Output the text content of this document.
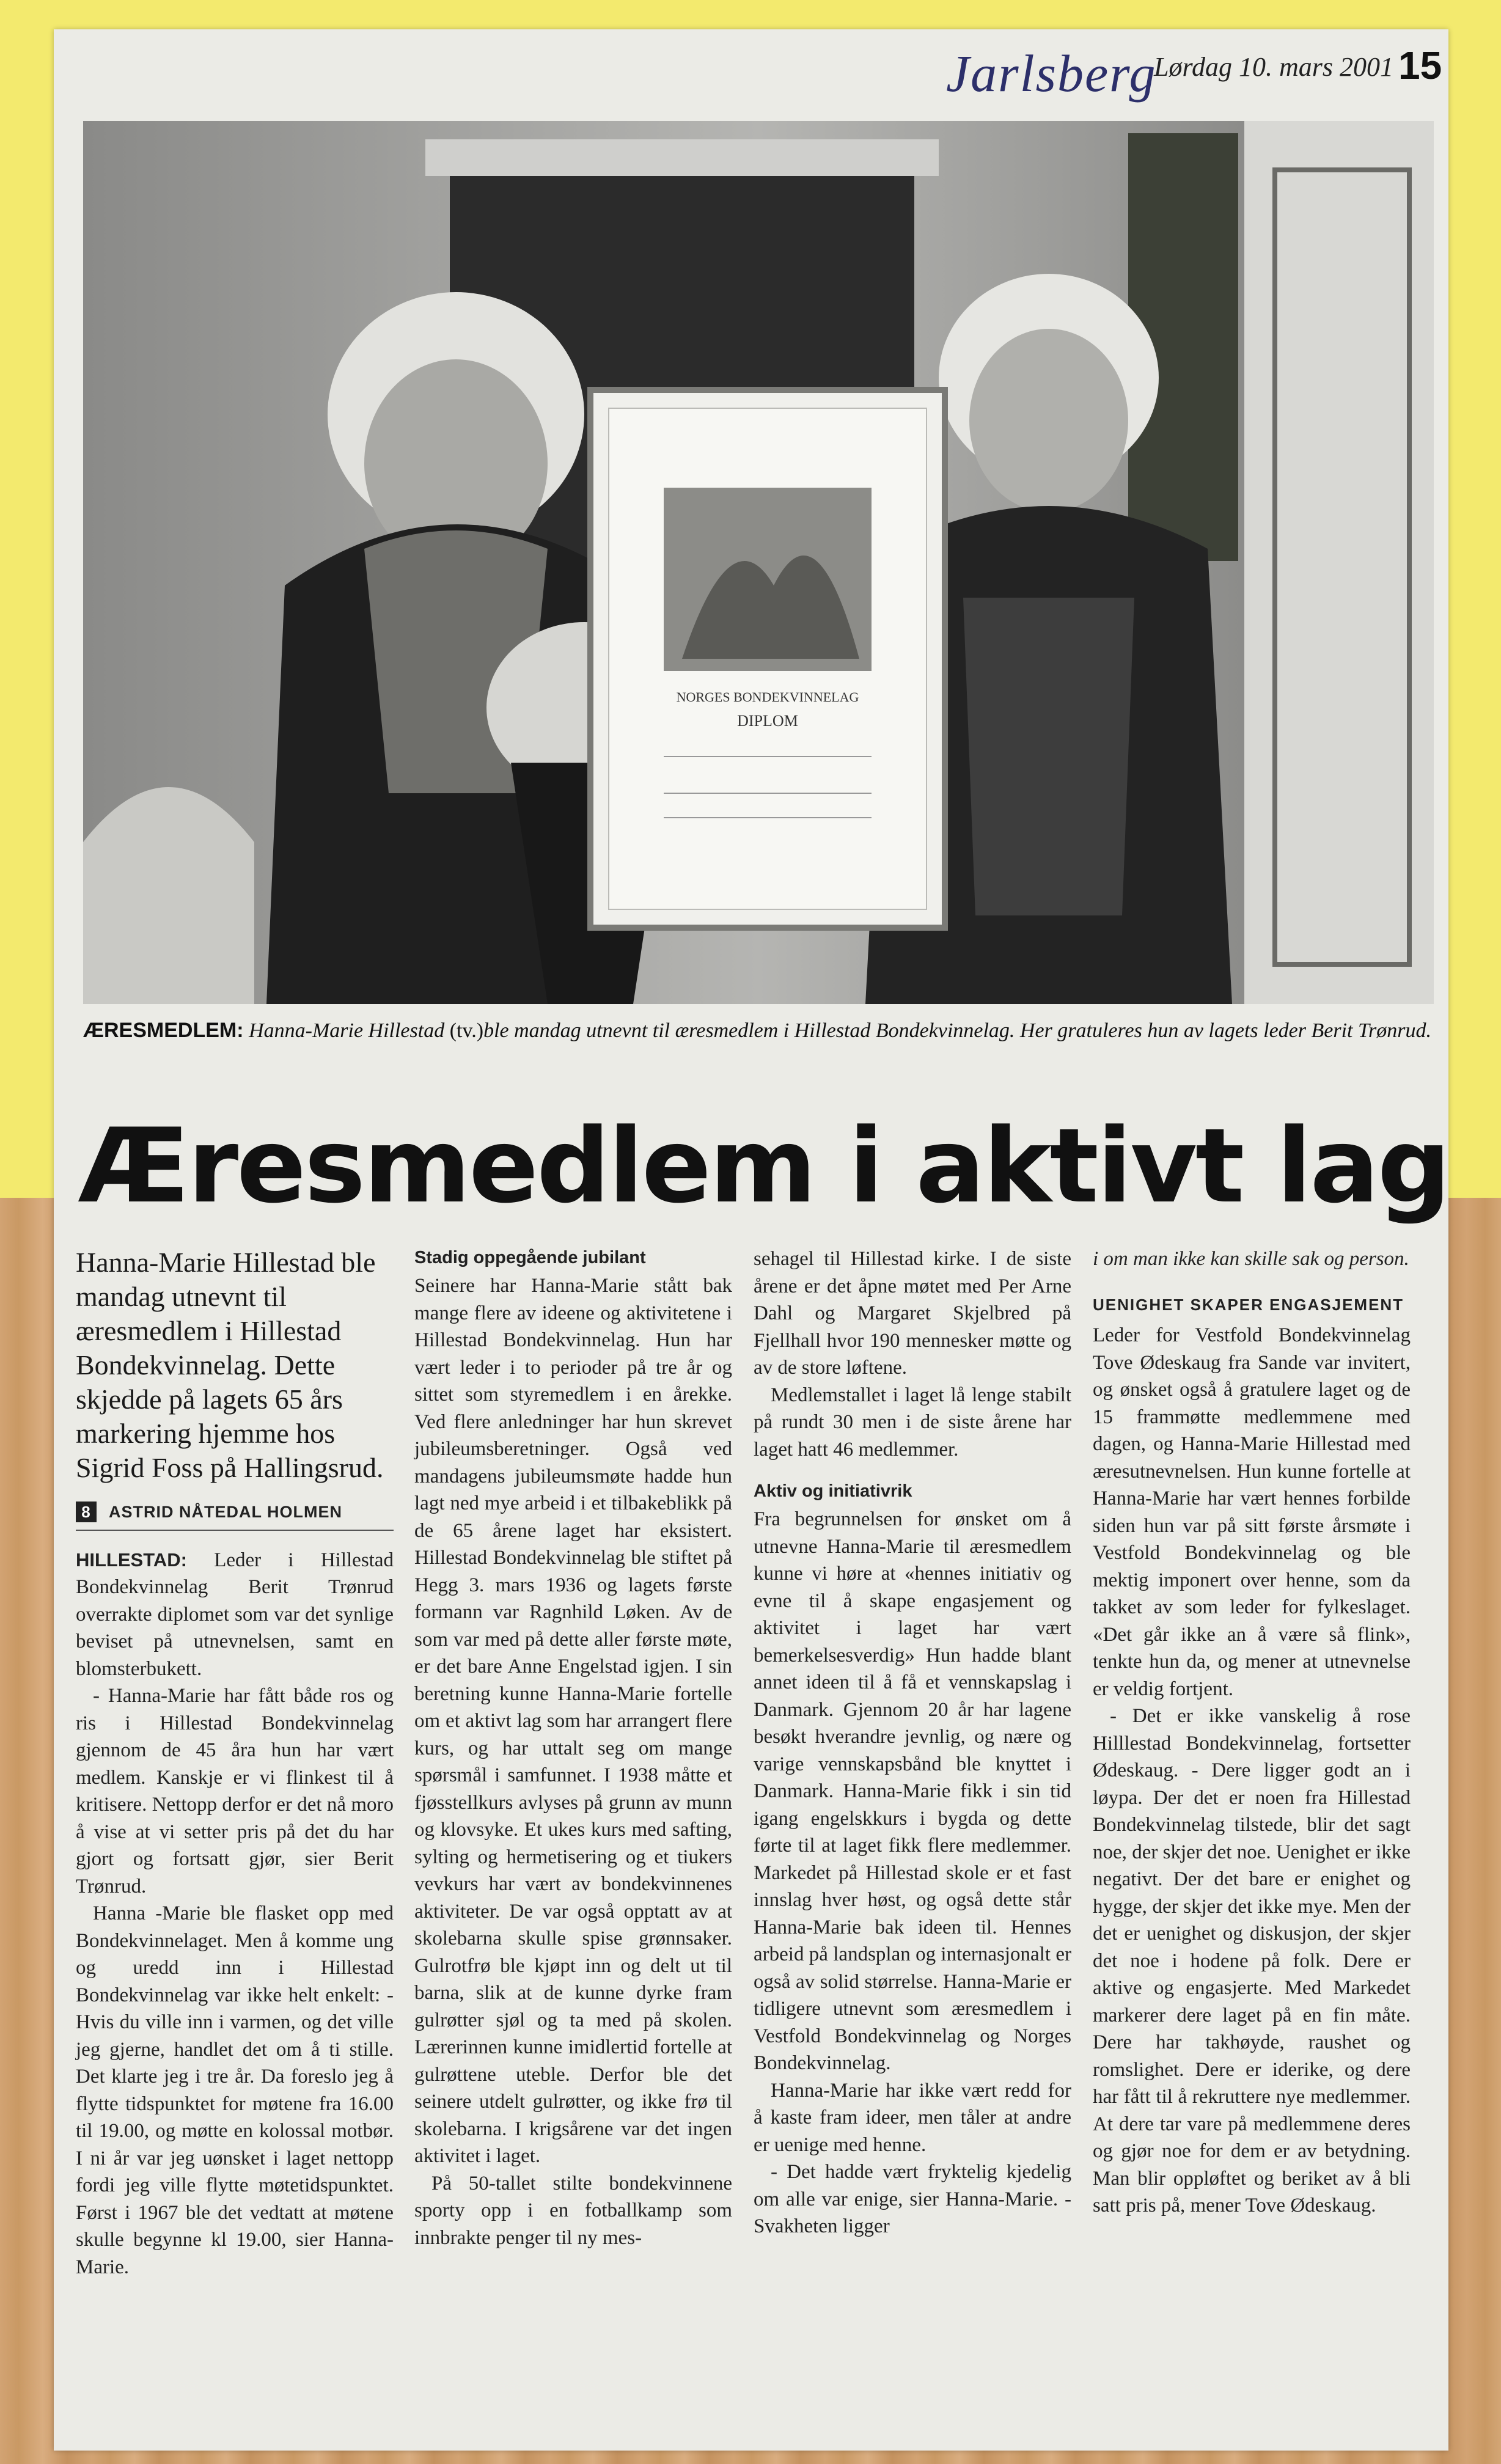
Jarlsberg
Lørdag 10. mars 2001 15
NORGES BONDEKVINNELAG
DIPLOM
ÆRESMEDLEM: Hanna-Marie Hillestad (tv.)ble mandag utnevnt til æresmedlem i Hillestad Bondekvinnelag. Her gratuleres hun av lagets leder Berit Trønrud.
Æresmedlem i aktivt lag
Hanna-Marie Hillestad ble mandag utnevnt til æresmedlem i Hillestad Bondekvinnelag. Dette skjedde på lagets 65 års markering hjemme hos Sigrid Foss på Hallingsrud.
8	ASTRID NÅTEDAL HOLMEN

HILLESTAD: Leder i Hillestad Bondekvinnelag Berit Trønrud overrakte diplomet som var det synlige beviset på utnevnelsen, samt en blomsterbukett.

- Hanna-Marie har fått både ros og ris i Hillestad Bondekvinnelag gjennom de 45 åra hun har vært medlem. Kanskje er vi flinkest til å kritisere. Nettopp derfor er det nå moro å vise at vi setter pris på det du har gjort og fortsatt gjør, sier Berit Trønrud.

Hanna -Marie ble flasket opp med Bondekvinnelaget. Men å komme ung og uredd inn i Hillestad Bondekvinnelag var ikke helt enkelt: - Hvis du ville inn i varmen, og det ville jeg gjerne, handlet det om å ti stille. Det klarte jeg i tre år. Da foreslo jeg å flytte tidspunktet for møtene fra 16.00 til 19.00, og møtte en kolossal motbør. I ni år var jeg uønsket i laget nettopp fordi jeg ville flytte møtetidspunktet. Først i 1967 ble det vedtatt at møtene skulle begynne kl 19.00, sier Hanna-Marie.

Stadig oppegående jubilant

Seinere har Hanna-Marie stått bak mange flere av ideene og aktivitetene i Hillestad Bondekvinnelag. Hun har vært leder i to perioder på tre år og sittet som styremedlem i en årekke. Ved flere anledninger har hun skrevet jubileumsberetninger. Også ved mandagens jubileumsmøte hadde hun lagt ned mye arbeid i et tilbakeblikk på de 65 årene laget har eksistert. Hillestad Bondekvinnelag ble stiftet på Hegg 3. mars 1936 og lagets første formann var Ragnhild Løken. Av de som var med på dette aller første møte, er det bare Anne Engelstad igjen. I sin beretning kunne Hanna-Marie fortelle om et aktivt lag som har arrangert flere kurs, og har uttalt seg om mange spørsmål i samfunnet. I 1938 måtte et fjøsstellkurs avlyses på grunn av munn og klovsyke. Et ukes kurs med safting, sylting og hermetisering og et tiukers vevkurs har vært av bondekvinnenes aktiviteter. De var også opptatt av at skolebarna skulle spise grønnsaker. Gulrotfrø ble kjøpt inn og delt ut til barna, slik at de kunne dyrke fram gulrøtter sjøl og ta med på skolen. Lærerinnen kunne imidlertid fortelle at gulrøttene uteble. Derfor ble det seinere utdelt gulrøtter, og ikke frø til skolebarna. I krigsårene var det ingen aktivitet i laget.

På 50-tallet stilte bondekvinnene sporty opp i en fotballkamp som innbrakte penger til ny mes-

sehagel til Hillestad kirke. I de siste årene er det åpne møtet med Per Arne Dahl og Margaret Skjelbred på Fjellhall hvor 190 mennesker møtte og av de store løftene.

Medlemstallet i laget lå lenge stabilt på rundt 30 men i de siste årene har laget hatt 46 medlemmer.

Aktiv og initiativrik

Fra begrunnelsen for ønsket om å utnevne Hanna-Marie til æresmedlem kunne vi høre at «hennes initiativ og evne til å skape engasjement og aktivitet i laget har vært bemerkelsesverdig» Hun hadde blant annet ideen til å få et vennskapslag i Danmark. Gjennom 20 år har lagene besøkt hverandre jevnlig, og nære og varige vennskapsbånd ble knyttet i Danmark. Hanna-Marie fikk i sin tid igang engelskkurs i bygda og dette førte til at laget fikk flere medlemmer. Markedet på Hillestad skole er et fast innslag hver høst, og også dette står Hanna-Marie bak ideen til. Hennes arbeid på landsplan og internasjonalt er også av solid størrelse. Hanna-Marie er tidligere utnevnt som æresmedlem i Vestfold Bondekvinnelag og Norges Bondekvinnelag.

Hanna-Marie har ikke vært redd for å kaste fram ideer, men tåler at andre er uenige med henne.

- Det hadde vært fryktelig kjedelig om alle var enige, sier Hanna-Marie. - Svakheten ligger

i om man ikke kan skille sak og person.

UENIGHET SKAPER ENGASJEMENT

Leder for Vestfold Bondekvinnelag Tove Ødeskaug fra Sande var invitert, og ønsket også å gratulere laget og de 15 frammøtte medlemmene med dagen, og Hanna-Marie Hillestad med æresutnevnelsen. Hun kunne fortelle at Hanna-Marie har vært hennes forbilde siden hun var på sitt første årsmøte i Vestfold Bondekvinnelag og ble mektig imponert over henne, som da takket av som leder for fylkeslaget. «Det går ikke an å være så flink», tenkte hun da, og mener at utnevnelse er veldig fortjent.

- Det er ikke vanskelig å rose Hilllestad Bondekvinnelag, fortsetter Ødeskaug. - Dere ligger godt an i løypa. Der det er noen fra Hillestad Bondekvinnelag tilstede, blir det sagt noe, der skjer det noe. Uenighet er ikke negativt. Der det bare er enighet og hygge, der skjer det ikke mye. Men der det er uenighet og diskusjon, der skjer det noe i hodene på folk. Dere er aktive og engasjerte. Med Markedet markerer dere laget på en fin måte. Dere har takhøyde, raushet og romslighet. Dere er iderike, og dere har fått til å rekruttere nye medlemmer. At dere tar vare på medlemmene deres og gjør noe for dem er av betydning. Man blir oppløftet og beriket av å bli satt pris på, mener Tove Ødeskaug.
